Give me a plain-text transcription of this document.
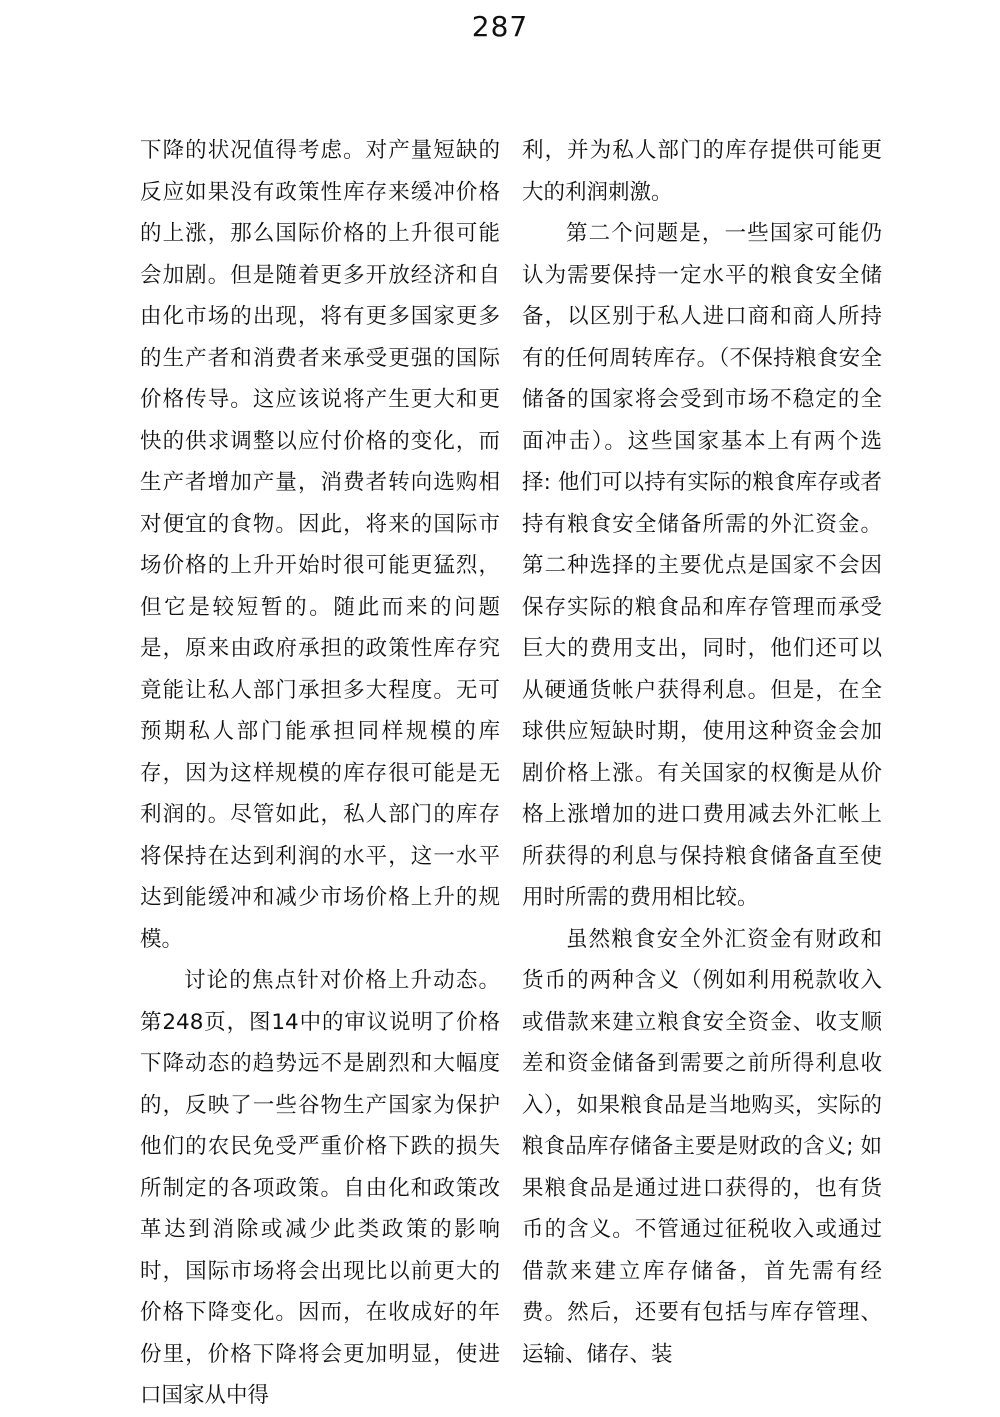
287

下降的状况值得考虑。对产量短缺的反应如果没有政策性库存来缓冲价格的上涨，那么国际价格的上升很可能会加剧。但是随着更多开放经济和自由化市场的出现，将有更多国家更多的生产者和消费者来承受更强的国际价格传导。这应该说将产生更大和更快的供求调整以应付价格的变化，而生产者增加产量，消费者转向选购相对便宜的食物。因此，将来的国际市场价格的上升开始时很可能更猛烈，但它是较短暂的。随此而来的问题是，原来由政府承担的政策性库存究竟能让私人部门承担多大程度。无可预期私人部门能承担同样规模的库存，因为这样规模的库存很可能是无利润的。尽管如此，私人部门的库存将保持在达到利润的水平，这一水平达到能缓冲和减少市场价格上升的规模。

讨论的焦点针对价格上升动态。第248页，图14中的审议说明了价格下降动态的趋势远不是剧烈和大幅度的，反映了一些谷物生产国家为保护他们的农民免受严重价格下跌的损失所制定的各项政策。自由化和政策改革达到消除或减少此类政策的影响时，国际市场将会出现比以前更大的价格下降变化。因而，在收成好的年份里，价格下降将会更加明显，使进口国家从中得

利，并为私人部门的库存提供可能更大的利润刺激。

第二个问题是，一些国家可能仍认为需要保持一定水平的粮食安全储备，以区别于私人进口商和商人所持有的任何周转库存。（不保持粮食安全储备的国家将会受到市场不稳定的全面冲击）。这些国家基本上有两个选择: 他们可以持有实际的粮食库存或者持有粮食安全储备所需的外汇资金。第二种选择的主要优点是国家不会因保存实际的粮食品和库存管理而承受巨大的费用支出，同时，他们还可以从硬通货帐户获得利息。但是，在全球供应短缺时期，使用这种资金会加剧价格上涨。有关国家的权衡是从价格上涨增加的进口费用减去外汇帐上所获得的利息与保持粮食储备直至使用时所需的费用相比较。

虽然粮食安全外汇资金有财政和货币的两种含义（例如利用税款收入或借款来建立粮食安全资金、收支顺差和资金储备到需要之前所得利息收入），如果粮食品是当地购买，实际的粮食品库存储备主要是财政的含义; 如果粮食品是通过进口获得的，也有货币的含义。不管通过征税收入或通过借款来建立库存储备，首先需有经费。然后，还要有包括与库存管理、运输、储存、装
